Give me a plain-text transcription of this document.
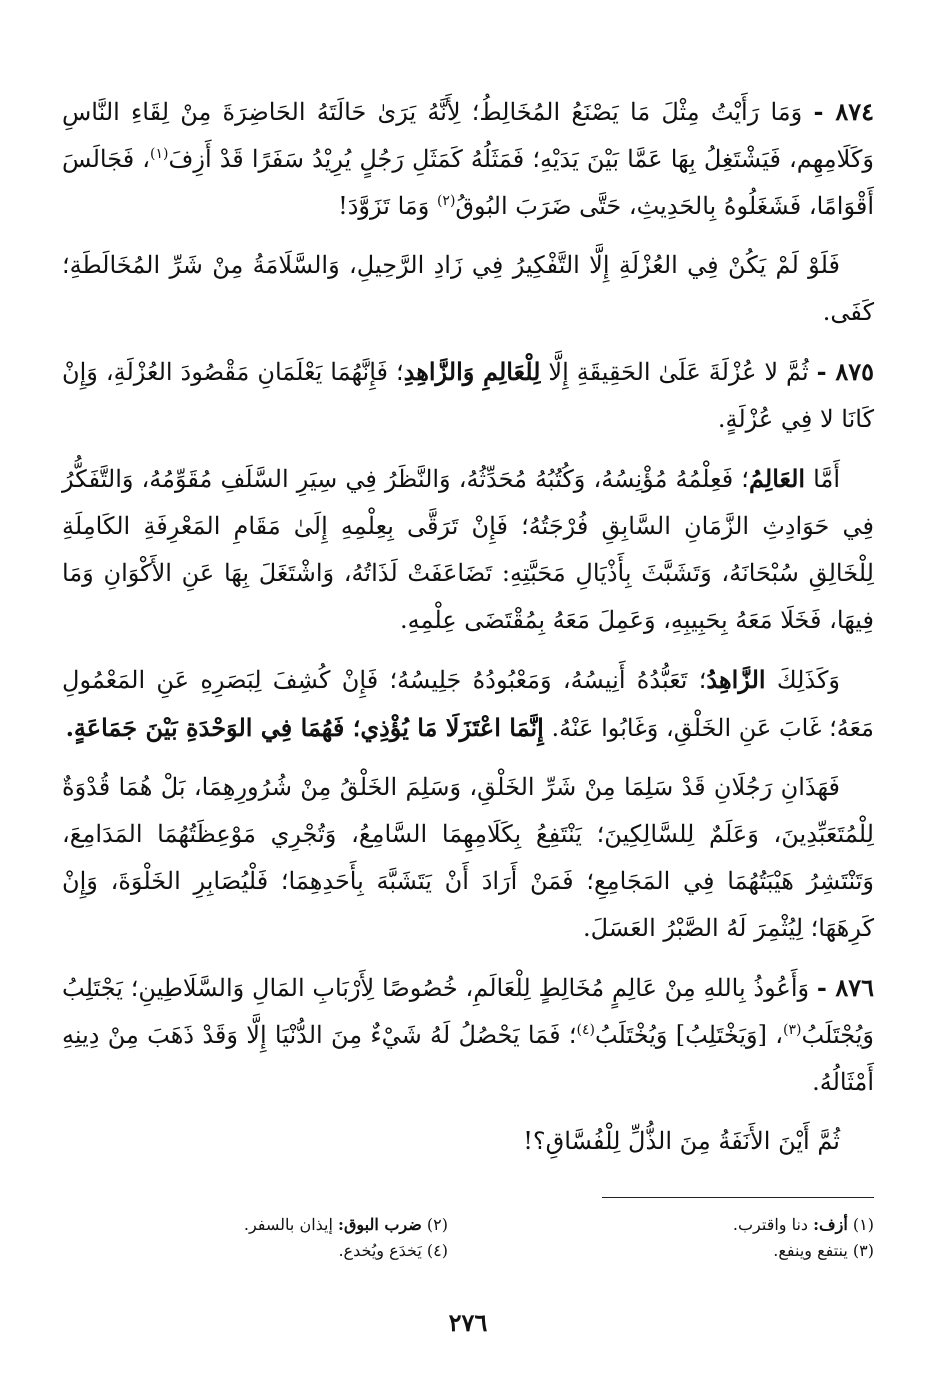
٨٧٤ - وَمَا رَأَيْتُ مِثْلَ مَا يَصْنَعُ المُخَالِطُ؛ لِأَنَّهُ يَرَىٰ حَالَتَهُ الحَاضِرَةَ مِنْ لِقَاءِ النَّاسِ وَكَلَامِهِم، فَيَشْتَغِلُ بِهَا عَمَّا بَيْنَ يَدَيْهِ؛ فَمَثَلُهُ كَمَثَلِ رَجُلٍ يُرِيْدُ سَفَرًا قَدْ أَزِفَ$^{(١)}$، فَجَالَسَ أَقْوَامًا، فَشَغَلُوهُ بِالحَدِيثِ، حَتَّى ضَرَبَ البُوقُ$^{(٢)}$ وَمَا تَزَوَّدَ!

فَلَوْ لَمْ يَكُنْ فِي العُزْلَةِ إِلَّا التَّفْكِيرُ فِي زَادِ الرَّحِيلِ، وَالسَّلَامَةُ مِنْ شَرِّ المُخَالَطَةِ؛ كَفَى.

٨٧٥ - ثُمَّ لا عُزْلَةَ عَلَىٰ الحَقِيقَةِ إِلَّا لِلْعَالِمِ وَالزَّاهِدِ؛ فَإِنَّهُمَا يَعْلَمَانِ مَقْصُودَ العُزْلَةِ، وَإِنْ كَانَا لا فِي عُزْلَةٍ.

أَمَّا العَالِمُ؛ فَعِلْمُهُ مُؤْنِسُهُ، وَكُتُبُهُ مُحَدِّثُهُ، وَالنَّظَرُ فِي سِيَرِ السَّلَفِ مُقَوِّمُهُ، وَالتَّفَكُّرُ فِي حَوَادِثِ الزَّمَانِ السَّابِقِ فُرْجَتُهُ؛ فَإِنْ تَرَقَّى بِعِلْمِهِ إِلَىٰ مَقَامِ المَعْرِفَةِ الكَامِلَةِ لِلْخَالِقِ سُبْحَانَهُ، وَتَشَبَّثَ بِأَذْيَالِ مَحَبَّتِهِ: تَضَاعَفَتْ لَذَاتُهُ، وَاشْتَغَلَ بِهَا عَنِ الأَكْوَانِ وَمَا فِيهَا، فَخَلَا مَعَهُ بِحَبِيبِهِ، وَعَمِلَ مَعَهُ بِمُقْتَضَى عِلْمِهِ.

وَكَذَلِكَ الزَّاهِدُ؛ تَعَبُّدُهُ أَنِيسُهُ، وَمَعْبُودُهُ جَلِيسُهُ؛ فَإِنْ كُشِفَ لِبَصَرِهِ عَنِ المَعْمُولِ مَعَهُ؛ غَابَ عَنِ الخَلْقِ، وَغَابُوا عَنْهُ. إِنَّمَا اعْتَزَلَا مَا يُؤْذِي؛ فَهُمَا فِي الوَحْدَةِ بَيْنَ جَمَاعَةٍ.

فَهَذَانِ رَجُلَانِ قَدْ سَلِمَا مِنْ شَرِّ الخَلْقِ، وَسَلِمَ الخَلْقُ مِنْ شُرُورِهِمَا، بَلْ هُمَا قُدْوَةٌ لِلْمُتَعَبِّدِينَ، وَعَلَمٌ لِلسَّالِكِينَ؛ يَنْتَفِعُ بِكَلَامِهِمَا السَّامِعُ، وَتُجْرِي مَوْعِظَتُهُمَا المَدَامِعَ، وَتَنْتَشِرُ هَيْبَتُهُمَا فِي المَجَامِعِ؛ فَمَنْ أَرَادَ أَنْ يَتَشَبَّهَ بِأَحَدِهِمَا؛ فَلْيُصَابِرِ الخَلْوَةَ، وَإِنْ كَرِهَهَا؛ لِيُثْمِرَ لَهُ الصَّبْرُ العَسَلَ.

٨٧٦ - وَأَعُوذُ بِاللهِ مِنْ عَالِمٍ مُخَالِطٍ لِلْعَالَمِ، خُصُوصًا لِأَرْبَابِ المَالِ وَالسَّلَاطِينِ؛ يَجْتَلِبُ وَيُجْتَلَبُ$^{(٣)}$، [وَيَخْتَلِبُ] وَيُخْتَلَبُ$^{(٤)}$؛ فَمَا يَحْصُلُ لَهُ شَيْءٌ مِنَ الدُّنْيَا إِلَّا وَقَدْ ذَهَبَ مِنْ دِينِهِ أَمْثَالُهُ.

ثُمَّ أَيْنَ الأَنَفَةُ مِنَ الذُّلِّ لِلْفُسَّاقِ؟!

(١) أزف: دنا واقترب.
(٢) ضرب البوق: إيذان بالسفر.
(٣) ينتفع وينفع.
(٤) يَخدَع ويُخدع.
٢٧٦
